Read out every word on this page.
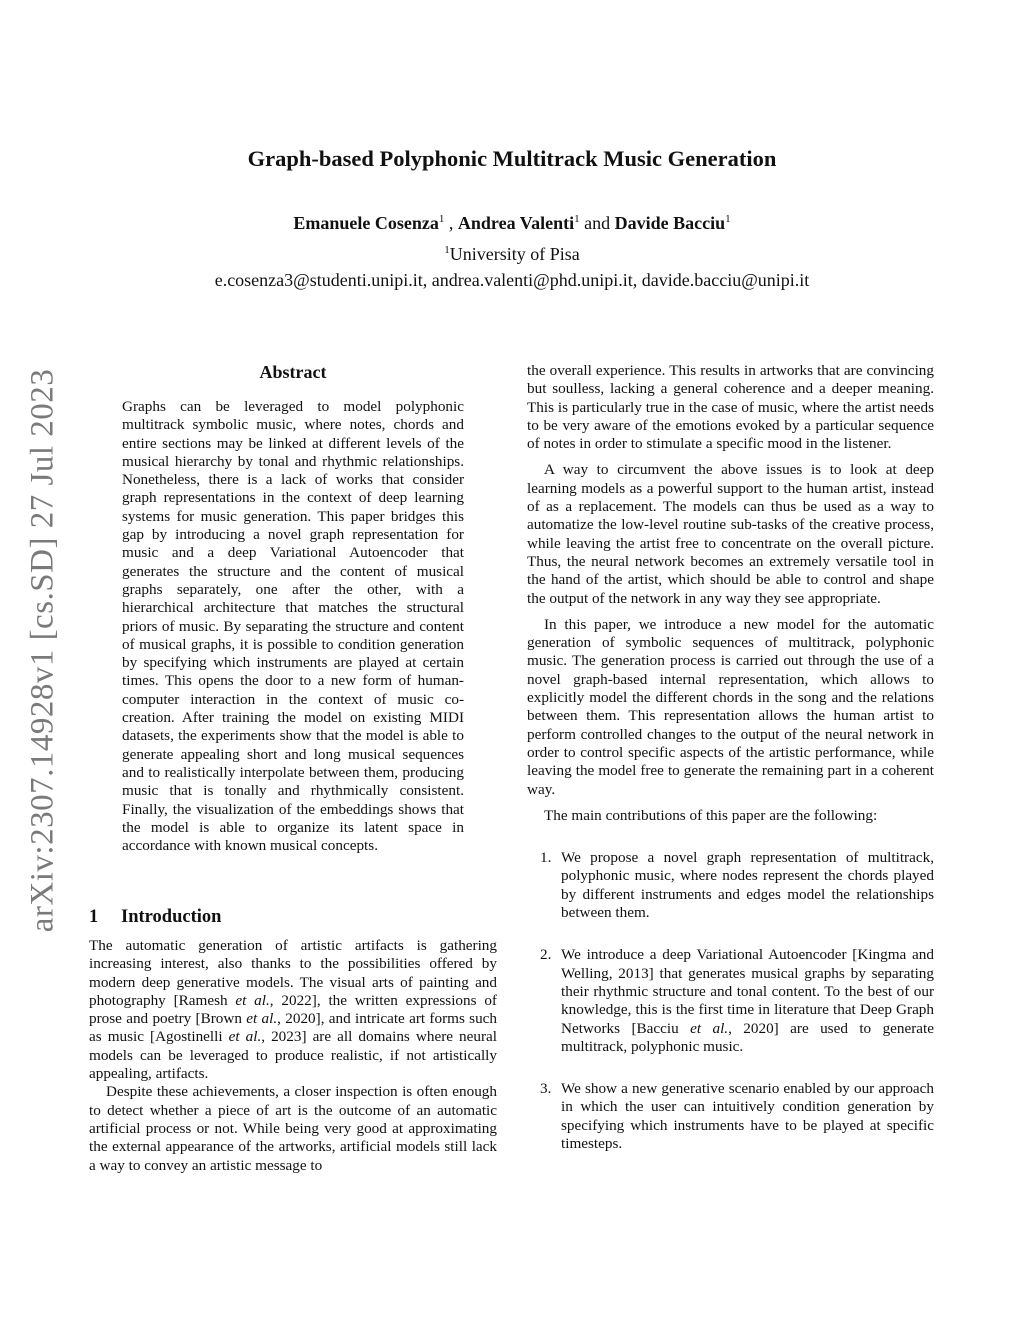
Graph-based Polyphonic Multitrack Music Generation
Emanuele Cosenza$^1$ , Andrea Valenti$^1$ and Davide Bacciu$^1$
$^1$University of Pisa
e.cosenza3@studenti.unipi.it, andrea.valenti@phd.unipi.it, davide.bacciu@unipi.it
arXiv:2307.14928v1 [cs.SD] 27 Jul 2023	Abstract

Graphs can be leveraged to model polyphonic multitrack symbolic music, where notes, chords and entire sections may be linked at different levels of the musical hierarchy by tonal and rhythmic relationships. Nonetheless, there is a lack of works that consider graph representations in the context of deep learning systems for music generation. This paper bridges this gap by introducing a novel graph representation for music and a deep Variational Autoencoder that generates the structure and the content of musical graphs separately, one after the other, with a hierarchical architecture that matches the structural priors of music. By separating the structure and content of musical graphs, it is possible to condition generation by specifying which instruments are played at certain times. This opens the door to a new form of human-computer interaction in the context of music co-creation. After training the model on existing MIDI datasets, the experiments show that the model is able to generate appealing short and long musical sequences and to realistically interpolate between them, producing music that is tonally and rhythmically consistent. Finally, the visualization of the embeddings shows that the model is able to organize its latent space in accordance with known musical concepts.

1 Introduction

The automatic generation of artistic artifacts is gathering increasing interest, also thanks to the possibilities offered by modern deep generative models. The visual arts of painting and photography [Ramesh et al., 2022], the written expressions of prose and poetry [Brown et al., 2020], and intricate art forms such as music [Agostinelli et al., 2023] are all domains where neural models can be leveraged to produce realistic, if not artistically appealing, artifacts.

Despite these achievements, a closer inspection is often enough to detect whether a piece of art is the outcome of an automatic artificial process or not. While being very good at approximating the external appearance of the artworks, artificial models still lack a way to convey an artistic message to

the overall experience. This results in artworks that are convincing but soulless, lacking a general coherence and a deeper meaning. This is particularly true in the case of music, where the artist needs to be very aware of the emotions evoked by a particular sequence of notes in order to stimulate a specific mood in the listener.

A way to circumvent the above issues is to look at deep learning models as a powerful support to the human artist, instead of as a replacement. The models can thus be used as a way to automatize the low-level routine sub-tasks of the creative process, while leaving the artist free to concentrate on the overall picture. Thus, the neural network becomes an extremely versatile tool in the hand of the artist, which should be able to control and shape the output of the network in any way they see appropriate.

In this paper, we introduce a new model for the automatic generation of symbolic sequences of multitrack, polyphonic music. The generation process is carried out through the use of a novel graph-based internal representation, which allows to explicitly model the different chords in the song and the relations between them. This representation allows the human artist to perform controlled changes to the output of the neural network in order to control specific aspects of the artistic performance, while leaving the model free to generate the remaining part in a coherent way.

The main contributions of this paper are the following:

1. We propose a novel graph representation of multitrack, polyphonic music, where nodes represent the chords played by different instruments and edges model the relationships between them.

2. We introduce a deep Variational Autoencoder [Kingma and Welling, 2013] that generates musical graphs by separating their rhythmic structure and tonal content. To the best of our knowledge, this is the first time in literature that Deep Graph Networks [Bacciu et al., 2020] are used to generate multitrack, polyphonic music.

3. We show a new generative scenario enabled by our approach in which the user can intuitively condition generation by specifying which instruments have to be played at specific timesteps.
